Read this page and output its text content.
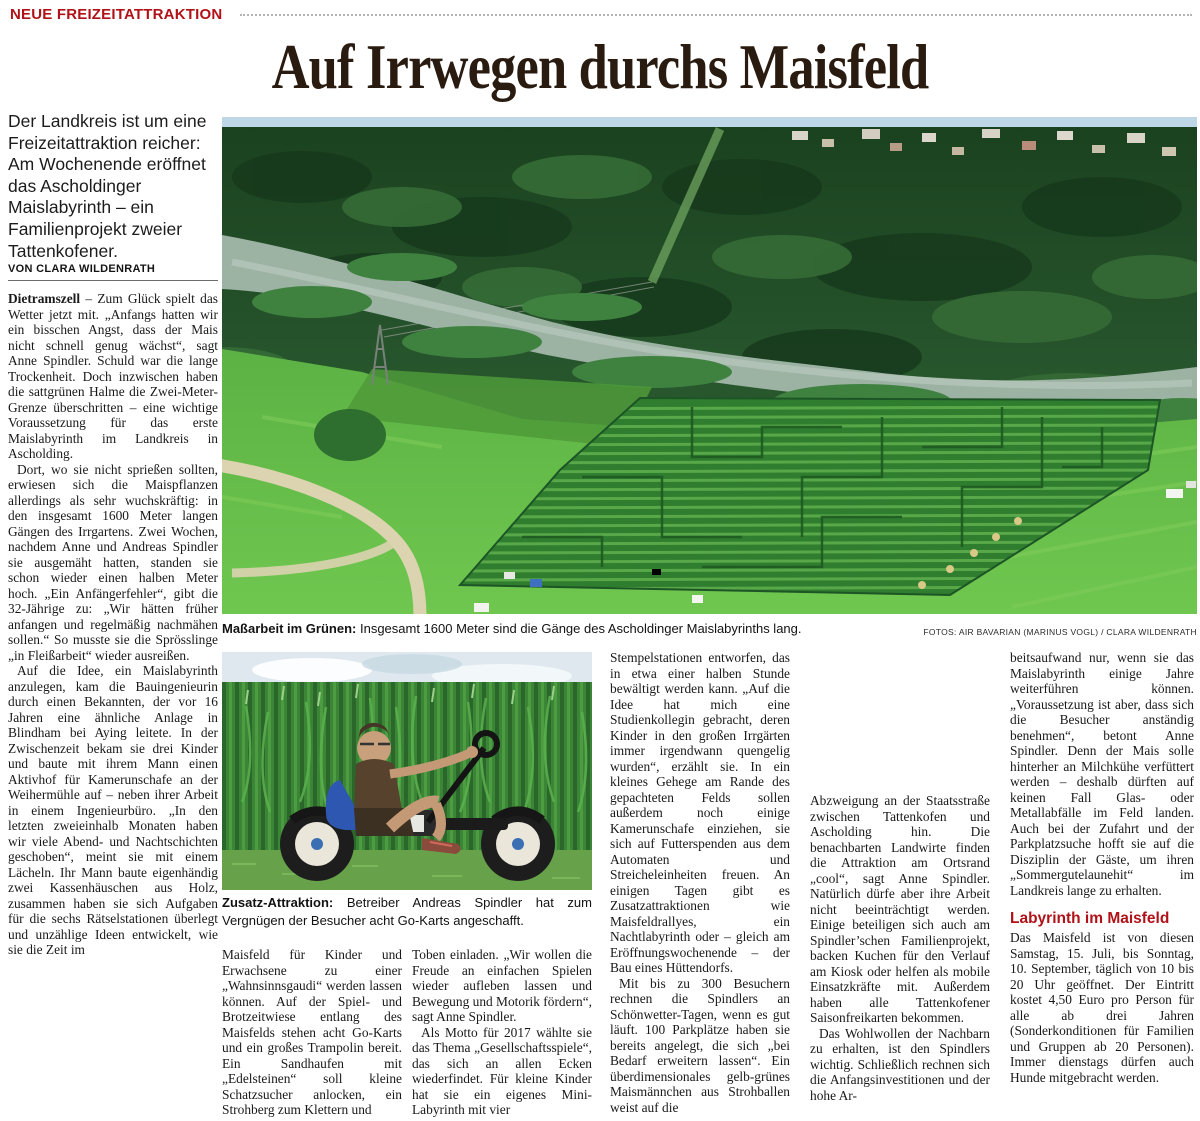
NEUE FREIZEITATTRAKTION
Auf Irrwegen durchs Maisfeld

Der Landkreis ist um eine Freizeitattraktion reicher: Am Wochenende eröffnet das Ascholdinger Maislabyrinth – ein Familienprojekt zweier Tattenkofener.

VON CLARA WILDENRATH

Dietramszell – Zum Glück spielt das Wetter jetzt mit. „Anfangs hatten wir ein bisschen Angst, dass der Mais nicht schnell genug wächst“, sagt Anne Spindler. Schuld war die lange Trockenheit. Doch inzwischen haben die sattgrünen Halme die Zwei-Meter-Grenze überschritten – eine wichtige Voraussetzung für das erste Maislabyrinth im Landkreis in Ascholding.

Dort, wo sie nicht sprießen sollten, erwiesen sich die Maispflanzen allerdings als sehr wuchskräftig: in den insgesamt 1600 Meter langen Gängen des Irrgartens. Zwei Wochen, nachdem Anne und Andreas Spindler sie ausgemäht hatten, standen sie schon wieder einen halben Meter hoch. „Ein Anfängerfehler“, gibt die 32-Jährige zu: „Wir hätten früher anfangen und regelmäßig nachmähen sollen.“ So musste sie die Sprösslinge „in Fleißarbeit“ wieder ausreißen.

Auf die Idee, ein Maislabyrinth anzulegen, kam die Bauingenieurin durch einen Bekannten, der vor 16 Jahren eine ähnliche Anlage in Blindham bei Aying leitete. In der Zwischenzeit bekam sie drei Kinder und baute mit ihrem Mann einen Aktivhof für Kamerunschafe an der Weihermühle auf – neben ihrer Arbeit in einem Ingenieurbüro. „In den letzten zweieinhalb Monaten haben wir viele Abend- und Nachtschichten geschoben“, meint sie mit einem Lächeln. Ihr Mann baute eigenhändig zwei Kassenhäuschen aus Holz, zusammen haben sie sich Aufgaben für die sechs Rätselstationen überlegt und unzählige Ideen entwickelt, wie sie die Zeit im

Maßarbeit im Grünen: Insgesamt 1600 Meter sind die Gänge des Ascholdinger Maislabyrinths lang.	FOTOS: AIR BAVARIAN (MARINUS VOGL) / CLARA WILDENRATH
Zusatz-Attraktion: Betreiber Andreas Spindler hat zum Vergnügen der Besucher acht Go-Karts angeschafft.

Maisfeld für Kinder und Erwachsene zu einer „Wahnsinnsgaudi“ werden lassen können. Auf der Spiel- und Brotzeitwiese entlang des Maisfelds stehen acht Go-Karts und ein großes Trampolin bereit. Ein Sandhaufen mit „Edelsteinen“ soll kleine Schatzsucher anlocken, ein Strohberg zum Klettern und

Toben einladen. „Wir wollen die Freude an einfachen Spielen wieder aufleben lassen und Bewegung und Motorik fördern“, sagt Anne Spindler.

Als Motto für 2017 wählte sie das Thema „Gesellschaftsspiele“, das sich an allen Ecken wiederfindet. Für kleine Kinder hat sie ein eigenes Mini-Labyrinth mit vier

Stempelstationen entworfen, das in etwa einer halben Stunde bewältigt werden kann. „Auf die Idee hat mich eine Studienkollegin gebracht, deren Kinder in den großen Irrgärten immer irgendwann quengelig wurden“, erzählt sie. In ein kleines Gehege am Rande des gepachteten Felds sollen außerdem noch einige Kamerunschafe einziehen, sie sich auf Futterspenden aus dem Automaten und Streicheleinheiten freuen. An einigen Tagen gibt es Zusatzattraktionen wie Maisfeldrallyes, ein Nachtlabyrinth oder – gleich am Eröffnungswochenende – der Bau eines Hüttendorfs.

Mit bis zu 300 Besuchern rechnen die Spindlers an Schönwetter-Tagen, wenn es gut läuft. 100 Parkplätze haben sie bereits angelegt, die sich „bei Bedarf erweitern lassen“. Ein überdimensionales gelb-grünes Maismännchen aus Strohballen weist auf die

Abzweigung an der Staatsstraße zwischen Tattenkofen und Ascholding hin. Die benachbarten Landwirte finden die Attraktion am Ortsrand „cool“, sagt Anne Spindler. Natürlich dürfe aber ihre Arbeit nicht beeinträchtigt werden. Einige beteiligen sich auch am Spindler’schen Familienprojekt, backen Kuchen für den Verlauf am Kiosk oder helfen als mobile Einsatzkräfte mit. Außerdem haben alle Tattenkofener Saisonfreikarten bekommen.

Das Wohlwollen der Nachbarn zu erhalten, ist den Spindlers wichtig. Schließlich rechnen sich die Anfangsinvestitionen und der hohe Ar-

beitsaufwand nur, wenn sie das Maislabyrinth einige Jahre weiterführen können. „Voraussetzung ist aber, dass sich die Besucher anständig benehmen“, betont Anne Spindler. Denn der Mais solle hinterher an Milchkühe verfüttert werden – deshalb dürften auf keinen Fall Glas- oder Metallabfälle im Feld landen. Auch bei der Zufahrt und der Parkplatzsuche hofft sie auf die Disziplin der Gäste, um ihren „Sommergutelaunehit“ im Landkreis lange zu erhalten.

Labyrinth im Maisfeld

Das Maisfeld ist von diesen Samstag, 15. Juli, bis Sonntag, 10. September, täglich von 10 bis 20 Uhr geöffnet. Der Eintritt kostet 4,50 Euro pro Person für alle ab drei Jahren (Sonderkonditionen für Familien und Gruppen ab 20 Personen). Immer dienstags dürfen auch Hunde mitgebracht werden.
